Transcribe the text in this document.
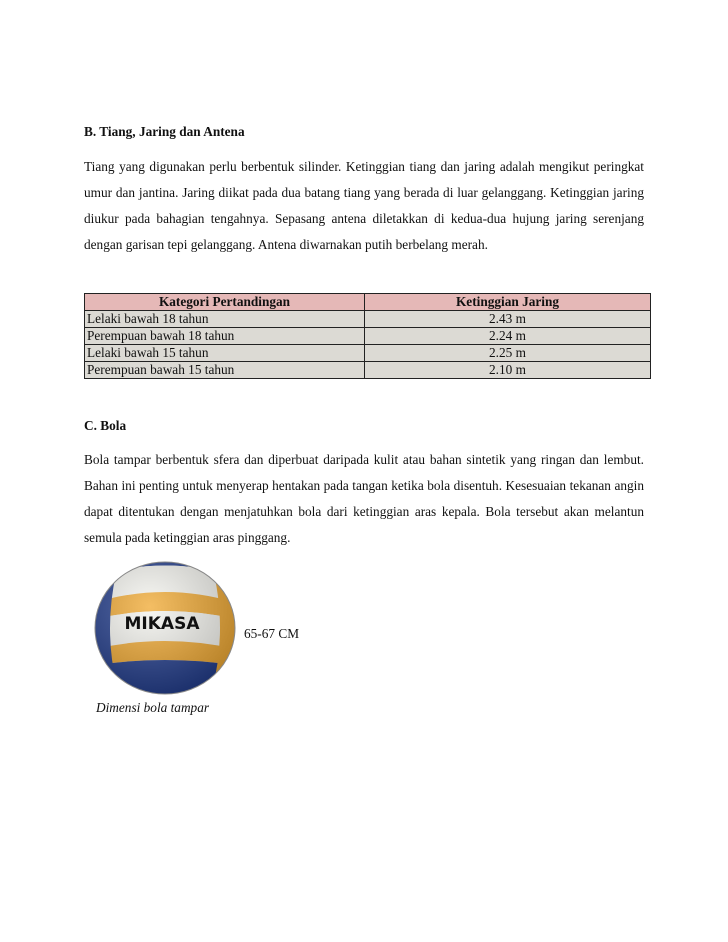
B. Tiang, Jaring dan Antena

Tiang yang digunakan perlu berbentuk silinder. Ketinggian tiang dan jaring adalah mengikut peringkat umur dan jantina. Jaring diikat pada dua batang tiang yang berada di luar gelanggang. Ketinggian jaring diukur pada bahagian tengahnya. Sepasang antena diletakkan di kedua-dua hujung jaring serenjang dengan garisan tepi gelanggang. Antena diwarnakan putih berbelang merah.

Kategori Pertandingan	Ketinggian Jaring
Lelaki bawah 18 tahun	2.43 m
Perempuan bawah 18 tahun	2.24 m
Lelaki bawah 15 tahun	2.25 m
Perempuan bawah 15 tahun	2.10 m
C. Bola

Bola tampar berbentuk sfera dan diperbuat daripada kulit atau bahan sintetik yang ringan dan lembut. Bahan ini penting untuk menyerap hentakan pada tangan ketika bola disentuh. Kesesuaian tekanan angin dapat ditentukan dengan menjatuhkan bola dari ketinggian aras kepala. Bola tersebut akan melantun semula pada ketinggian aras pinggang.

MIKASA	65-67 CM
Dimensi bola tampar
